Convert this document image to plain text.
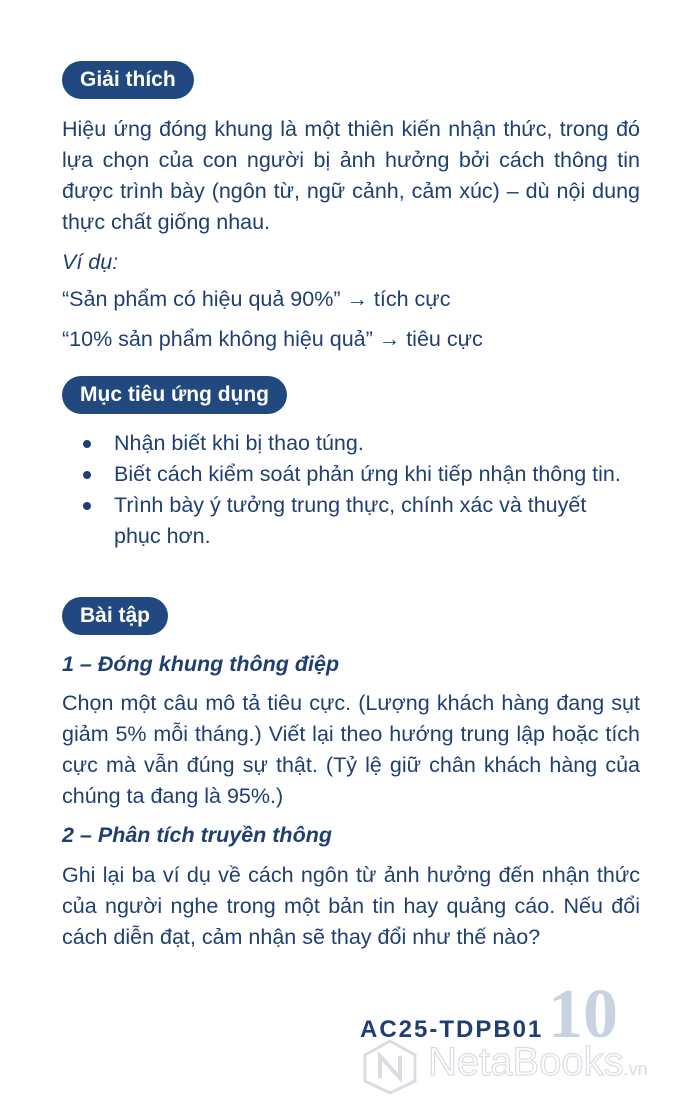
Giải thích

Hiệu ứng đóng khung là một thiên kiến nhận thức, trong đó lựa chọn của con người bị ảnh hưởng bởi cách thông tin được trình bày (ngôn từ, ngữ cảnh, cảm xúc) – dù nội dung thực chất giống nhau.

Ví dụ:

“Sản phẩm có hiệu quả 90%” → tích cực

“10% sản phẩm không hiệu quả” → tiêu cực

Mục tiêu ứng dụng
Nhận biết khi bị thao túng.
Biết cách kiểm soát phản ứng khi tiếp nhận thông tin.
Trình bày ý tưởng trung thực, chính xác và thuyết phục hơn.
Bài tập

1 – Đóng khung thông điệp

Chọn một câu mô tả tiêu cực. (Lượng khách hàng đang sụt giảm 5% mỗi tháng.) Viết lại theo hướng trung lập hoặc tích cực mà vẫn đúng sự thật. (Tỷ lệ giữ chân khách hàng của chúng ta đang là 95%.)

2 – Phân tích truyền thông

Ghi lại ba ví dụ về cách ngôn từ ảnh hưởng đến nhận thức của người nghe trong một bản tin hay quảng cáo. Nếu đổi cách diễn đạt, cảm nhận sẽ thay đổi như thế nào?

10
AC25-TDPB01
NetaBooks.vn
